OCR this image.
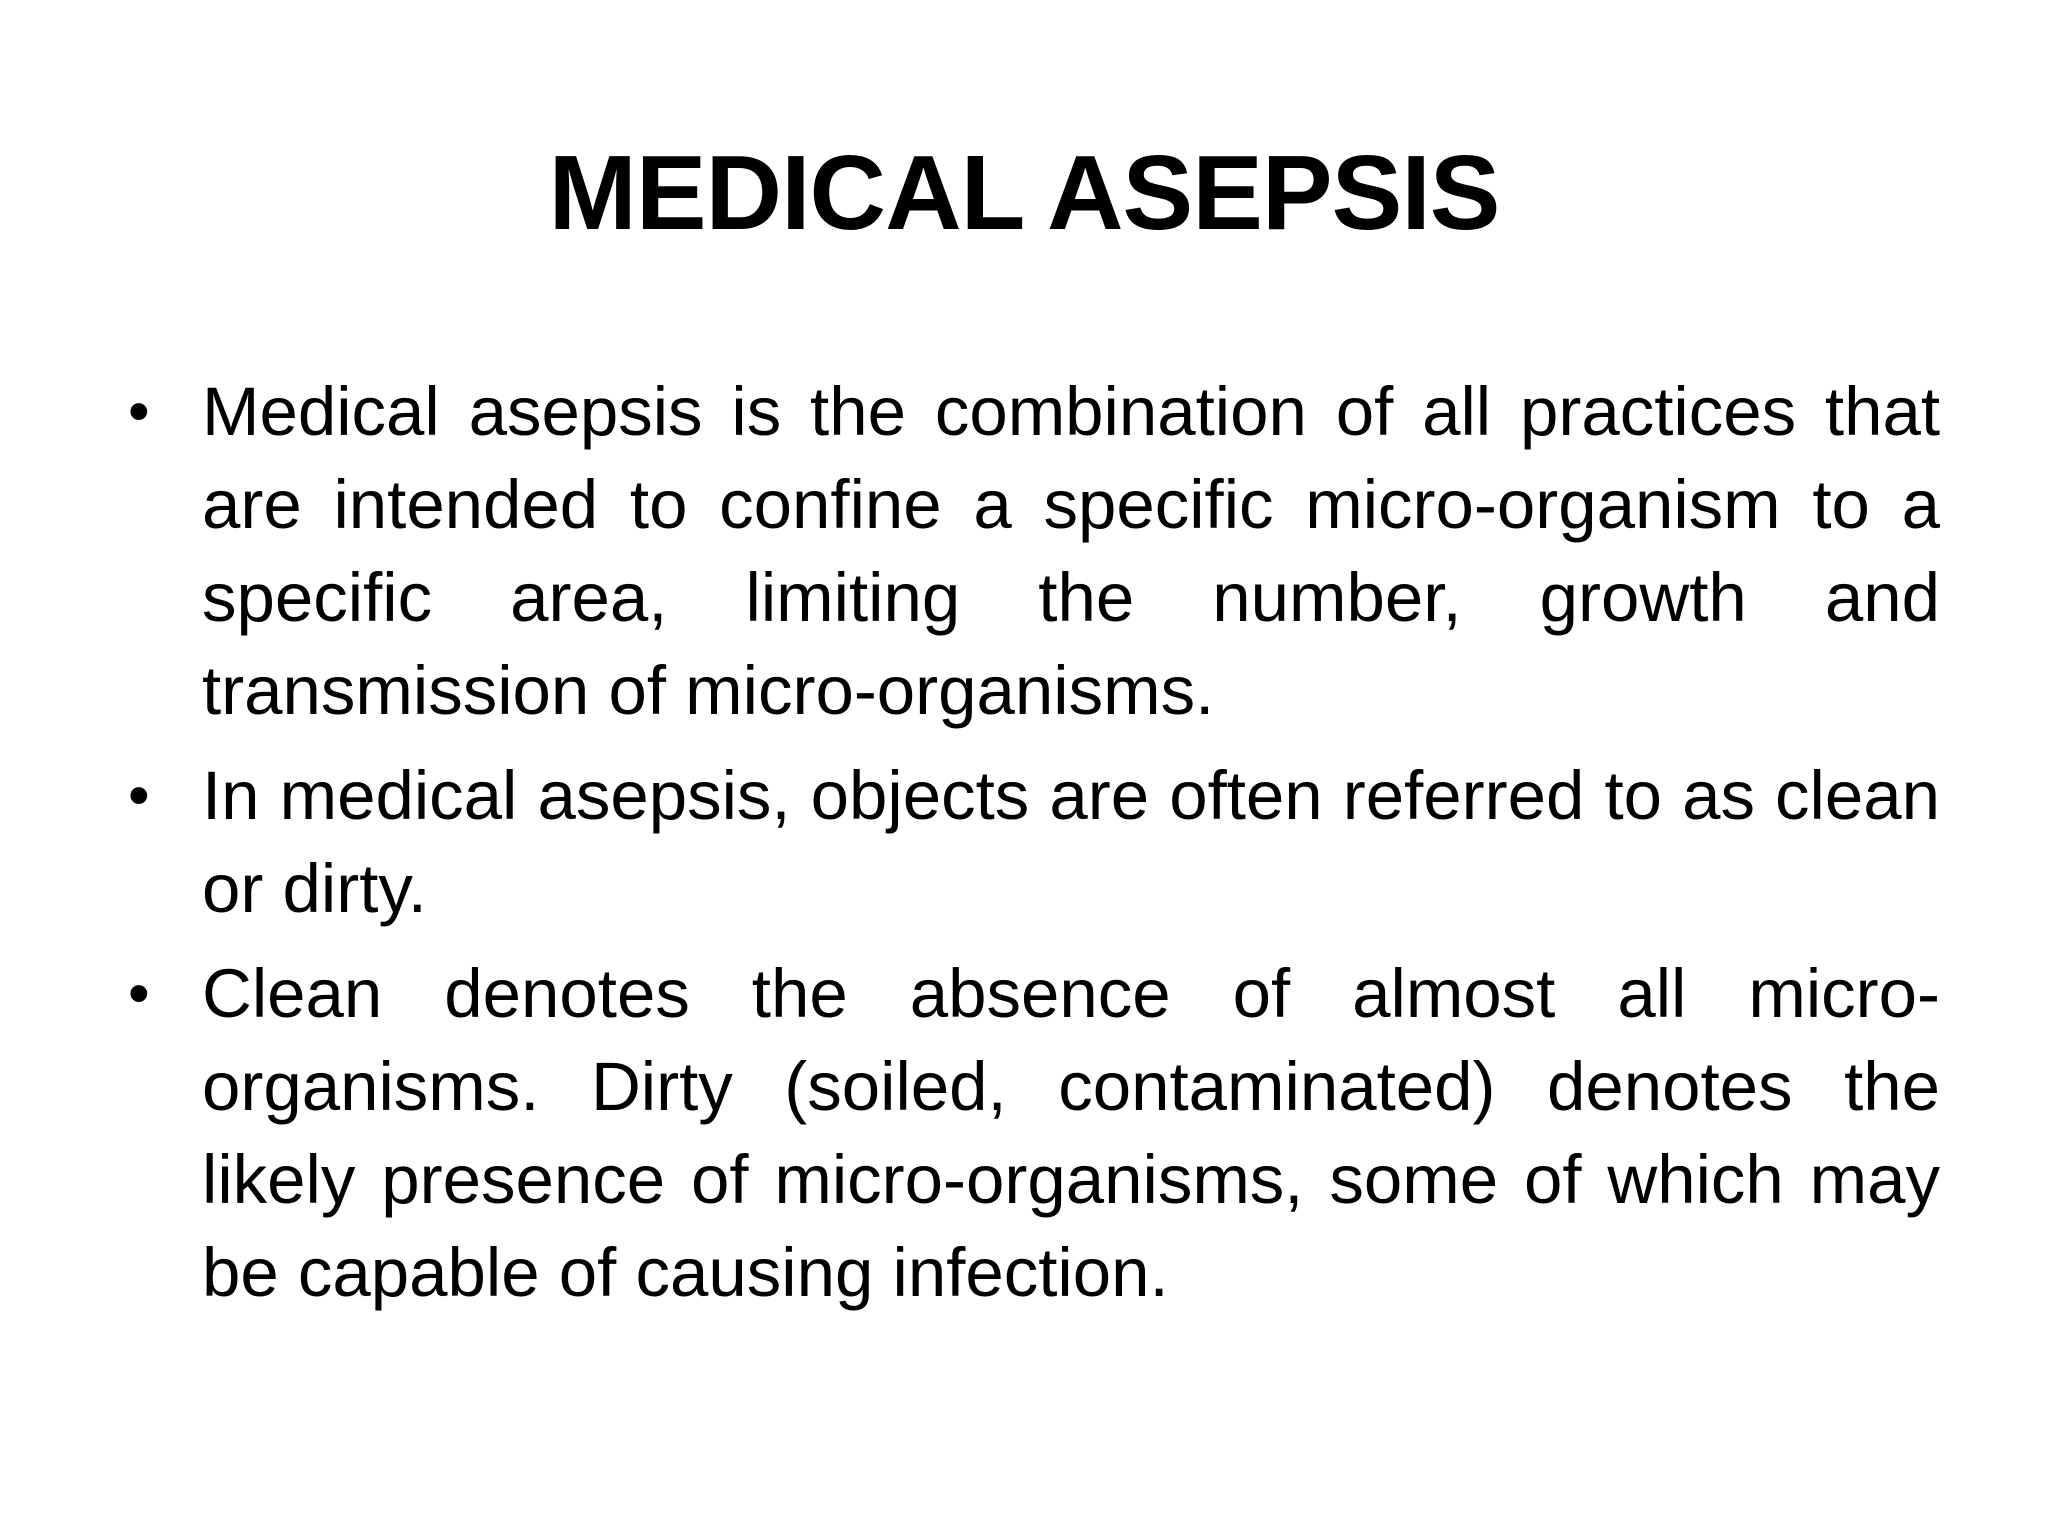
MEDICAL ASEPSIS
• Medical asepsis is the combination of all practices that are intended to confine a specific micro-organism to a specific area, limiting the number, growth and transmission of micro-organisms.
• In medical asepsis, objects are often referred to as clean or dirty.
• Clean denotes the absence of almost all micro-organisms. Dirty (soiled, contaminated) denotes the likely presence of micro-organisms, some of which may be capable of causing infection.
